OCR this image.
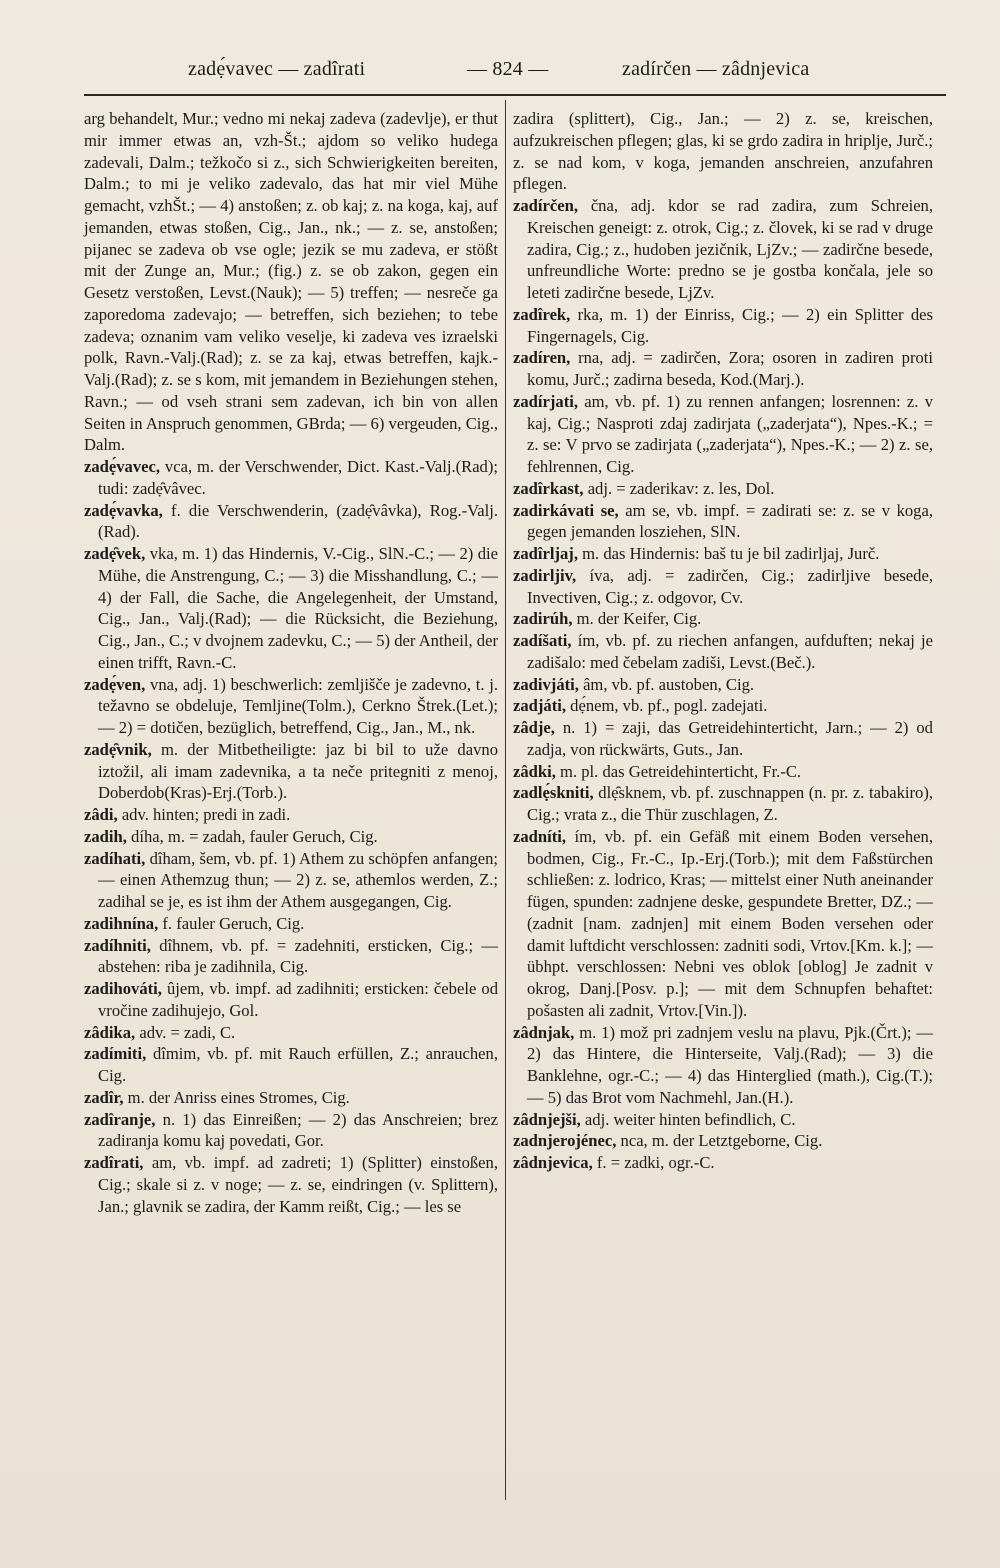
zadẹ́vavec — zadîrati	— 824 —	zadírčen — zâdnjevica

arg behandelt, Mur.; vedno mi nekaj zadeva (zadevlje), er thut mir immer etwas an, vzh-Št.; ajdom so veliko hudega zadevali, Dalm.; težkočo si z., sich Schwierigkeiten bereiten, Dalm.; to mi je veliko zadevalo, das hat mir viel Mühe gemacht, vzhŠt.; — 4) anstoßen; z. ob kaj; z. na koga, kaj, auf jemanden, etwas stoßen, Cig., Jan., nk.; — z. se, anstoßen; pijanec se zadeva ob vse ogle; jezik se mu zadeva, er stößt mit der Zunge an, Mur.; (fig.) z. se ob zakon, gegen ein Gesetz verstoßen, Levst.(Nauk); — 5) treffen; — nesreče ga zaporedoma zadevajo; — betreffen, sich beziehen; to tebe zadeva; oznanim vam veliko veselje, ki zadeva ves izraelski polk, Ravn.-Valj.(Rad); z. se za kaj, etwas betreffen, kajk.-Valj.(Rad); z. se s kom, mit jemandem in Beziehungen stehen, Ravn.; — od vseh strani sem zadevan, ich bin von allen Seiten in Anspruch genommen, GBrda; — 6) vergeuden, Cig., Dalm.

zadẹ́vavec, vca, m. der Verschwender, Dict. Kast.-Valj.(Rad); tudi: zadẹ̑vâvec.

zadẹ́vavka, f. die Verschwenderin, (zadẹ̑vâvka), Rog.-Valj.(Rad).

zadẹ̑vek, vka, m. 1) das Hindernis, V.-Cig., SlN.-C.; — 2) die Mühe, die Anstrengung, C.; — 3) die Misshandlung, C.; — 4) der Fall, die Sache, die Angelegenheit, der Umstand, Cig., Jan., Valj.(Rad); — die Rücksicht, die Beziehung, Cig., Jan., C.; v dvojnem zadevku, C.; — 5) der Antheil, der einen trifft, Ravn.-C.

zadẹ́ven, vna, adj. 1) beschwerlich: zemljišče je zadevno, t. j. težavno se obdeluje, Temljine(Tolm.), Cerkno Štrek.(Let.); — 2) = dotičen, bezüglich, betreffend, Cig., Jan., M., nk.

zadẹ̑vnik, m. der Mitbetheiligte: jaz bi bil to uže davno iztožil, ali imam zadevnika, a ta neče pritegniti z menoj, Doberdob(Kras)-Erj.(Torb.).

zâdi, adv. hinten; predi in zadi.

zadih, díha, m. = zadah, fauler Geruch, Cig.

zadíhati, dîham, šem, vb. pf. 1) Athem zu schöpfen anfangen; — einen Athemzug thun; — 2) z. se, athemlos werden, Z.; zadihal se je, es ist ihm der Athem ausgegangen, Cig.

zadihnína, f. fauler Geruch, Cig.

zadíhniti, dîhnem, vb. pf. = zadehniti, ersticken, Cig.; — abstehen: riba je zadihnila, Cig.

zadihováti, ûjem, vb. impf. ad zadihniti; ersticken: čebele od vročine zadihujejo, Gol.

zâdika, adv. = zadi, C.

zadímiti, dîmim, vb. pf. mit Rauch erfüllen, Z.; anrauchen, Cig.

zadîr, m. der Anriss eines Stromes, Cig.

zadîranje, n. 1) das Einreißen; — 2) das Anschreien; brez zadiranja komu kaj povedati, Gor.

zadîrati, am, vb. impf. ad zadreti; 1) (Splitter) einstoßen, Cig.; skale si z. v noge; — z. se, eindringen (v. Splittern), Jan.; glavnik se zadira, der Kamm reißt, Cig.; — les se

zadira (splittert), Cig., Jan.; — 2) z. se, kreischen, aufzukreischen pflegen; glas, ki se grdo zadira in hriplje, Jurč.; z. se nad kom, v koga, jemanden anschreien, anzufahren pflegen.

zadírčen, čna, adj. kdor se rad zadira, zum Schreien, Kreischen geneigt: z. otrok, Cig.; z. človek, ki se rad v druge zadira, Cig.; z., hudoben jezičnik, LjZv.; — zadirčne besede, unfreundliche Worte: predno se je gostba končala, jele so leteti zadirčne besede, LjZv.

zadîrek, rka, m. 1) der Einriss, Cig.; — 2) ein Splitter des Fingernagels, Cig.

zadíren, rna, adj. = zadirčen, Zora; osoren in zadiren proti komu, Jurč.; zadirna beseda, Kod.(Marj.).

zadírjati, am, vb. pf. 1) zu rennen anfangen; losrennen: z. v kaj, Cig.; Nasproti zdaj zadirjata („zaderjata“), Npes.-K.; = z. se: V prvo se zadirjata („zaderjata“), Npes.-K.; — 2) z. se, fehlrennen, Cig.

zadîrkast, adj. = zaderikav: z. les, Dol.

zadirkávati se, am se, vb. impf. = zadirati se: z. se v koga, gegen jemanden losziehen, SlN.

zadîrljaj, m. das Hindernis: baš tu je bil zadirljaj, Jurč.

zadirljiv, íva, adj. = zadirčen, Cig.; zadirljive besede, Invectiven, Cig.; z. odgovor, Cv.

zadirúh, m. der Keifer, Cig.

zadíšati, ím, vb. pf. zu riechen anfangen, aufduften; nekaj je zadišalo: med čebelam zadiši, Levst.(Beč.).

zadivjáti, âm, vb. pf. austoben, Cig.

zadjáti, dẹ́nem, vb. pf., pogl. zadejati.

zâdje, n. 1) = zaji, das Getreidehinterticht, Jarn.; — 2) od zadja, von rückwärts, Guts., Jan.

zâdki, m. pl. das Getreidehinterticht, Fr.-C.

zadlẹ́skniti, dlẹ̑sknem, vb. pf. zuschnappen (n. pr. z. tabakiro), Cig.; vrata z., die Thür zuschlagen, Z.

zadníti, ím, vb. pf. ein Gefäß mit einem Boden versehen, bodmen, Cig., Fr.-C., Ip.-Erj.(Torb.); mit dem Faßstürchen schließen: z. lodrico, Kras; — mittelst einer Nuth aneinander fügen, spunden: zadnjene deske, gespundete Bretter, DZ.; — (zadnit [nam. zadnjen] mit einem Boden versehen oder damit luftdicht verschlossen: zadniti sodi, Vrtov.[Km. k.]; — übhpt. verschlossen: Nebni ves oblok [oblog] Je zadnit v okrog, Danj.[Posv. p.]; — mit dem Schnupfen behaftet: pošasten ali zadnit, Vrtov.[Vin.]).

zâdnjak, m. 1) mož pri zadnjem veslu na plavu, Pjk.(Črt.); — 2) das Hintere, die Hinterseite, Valj.(Rad); — 3) die Banklehne, ogr.-C.; — 4) das Hinterglied (math.), Cig.(T.); — 5) das Brot vom Nachmehl, Jan.(H.).

zâdnjejši, adj. weiter hinten befindlich, C.

zadnjerojénec, nca, m. der Letztgeborne, Cig.

zâdnjevica, f. = zadki, ogr.-C.
